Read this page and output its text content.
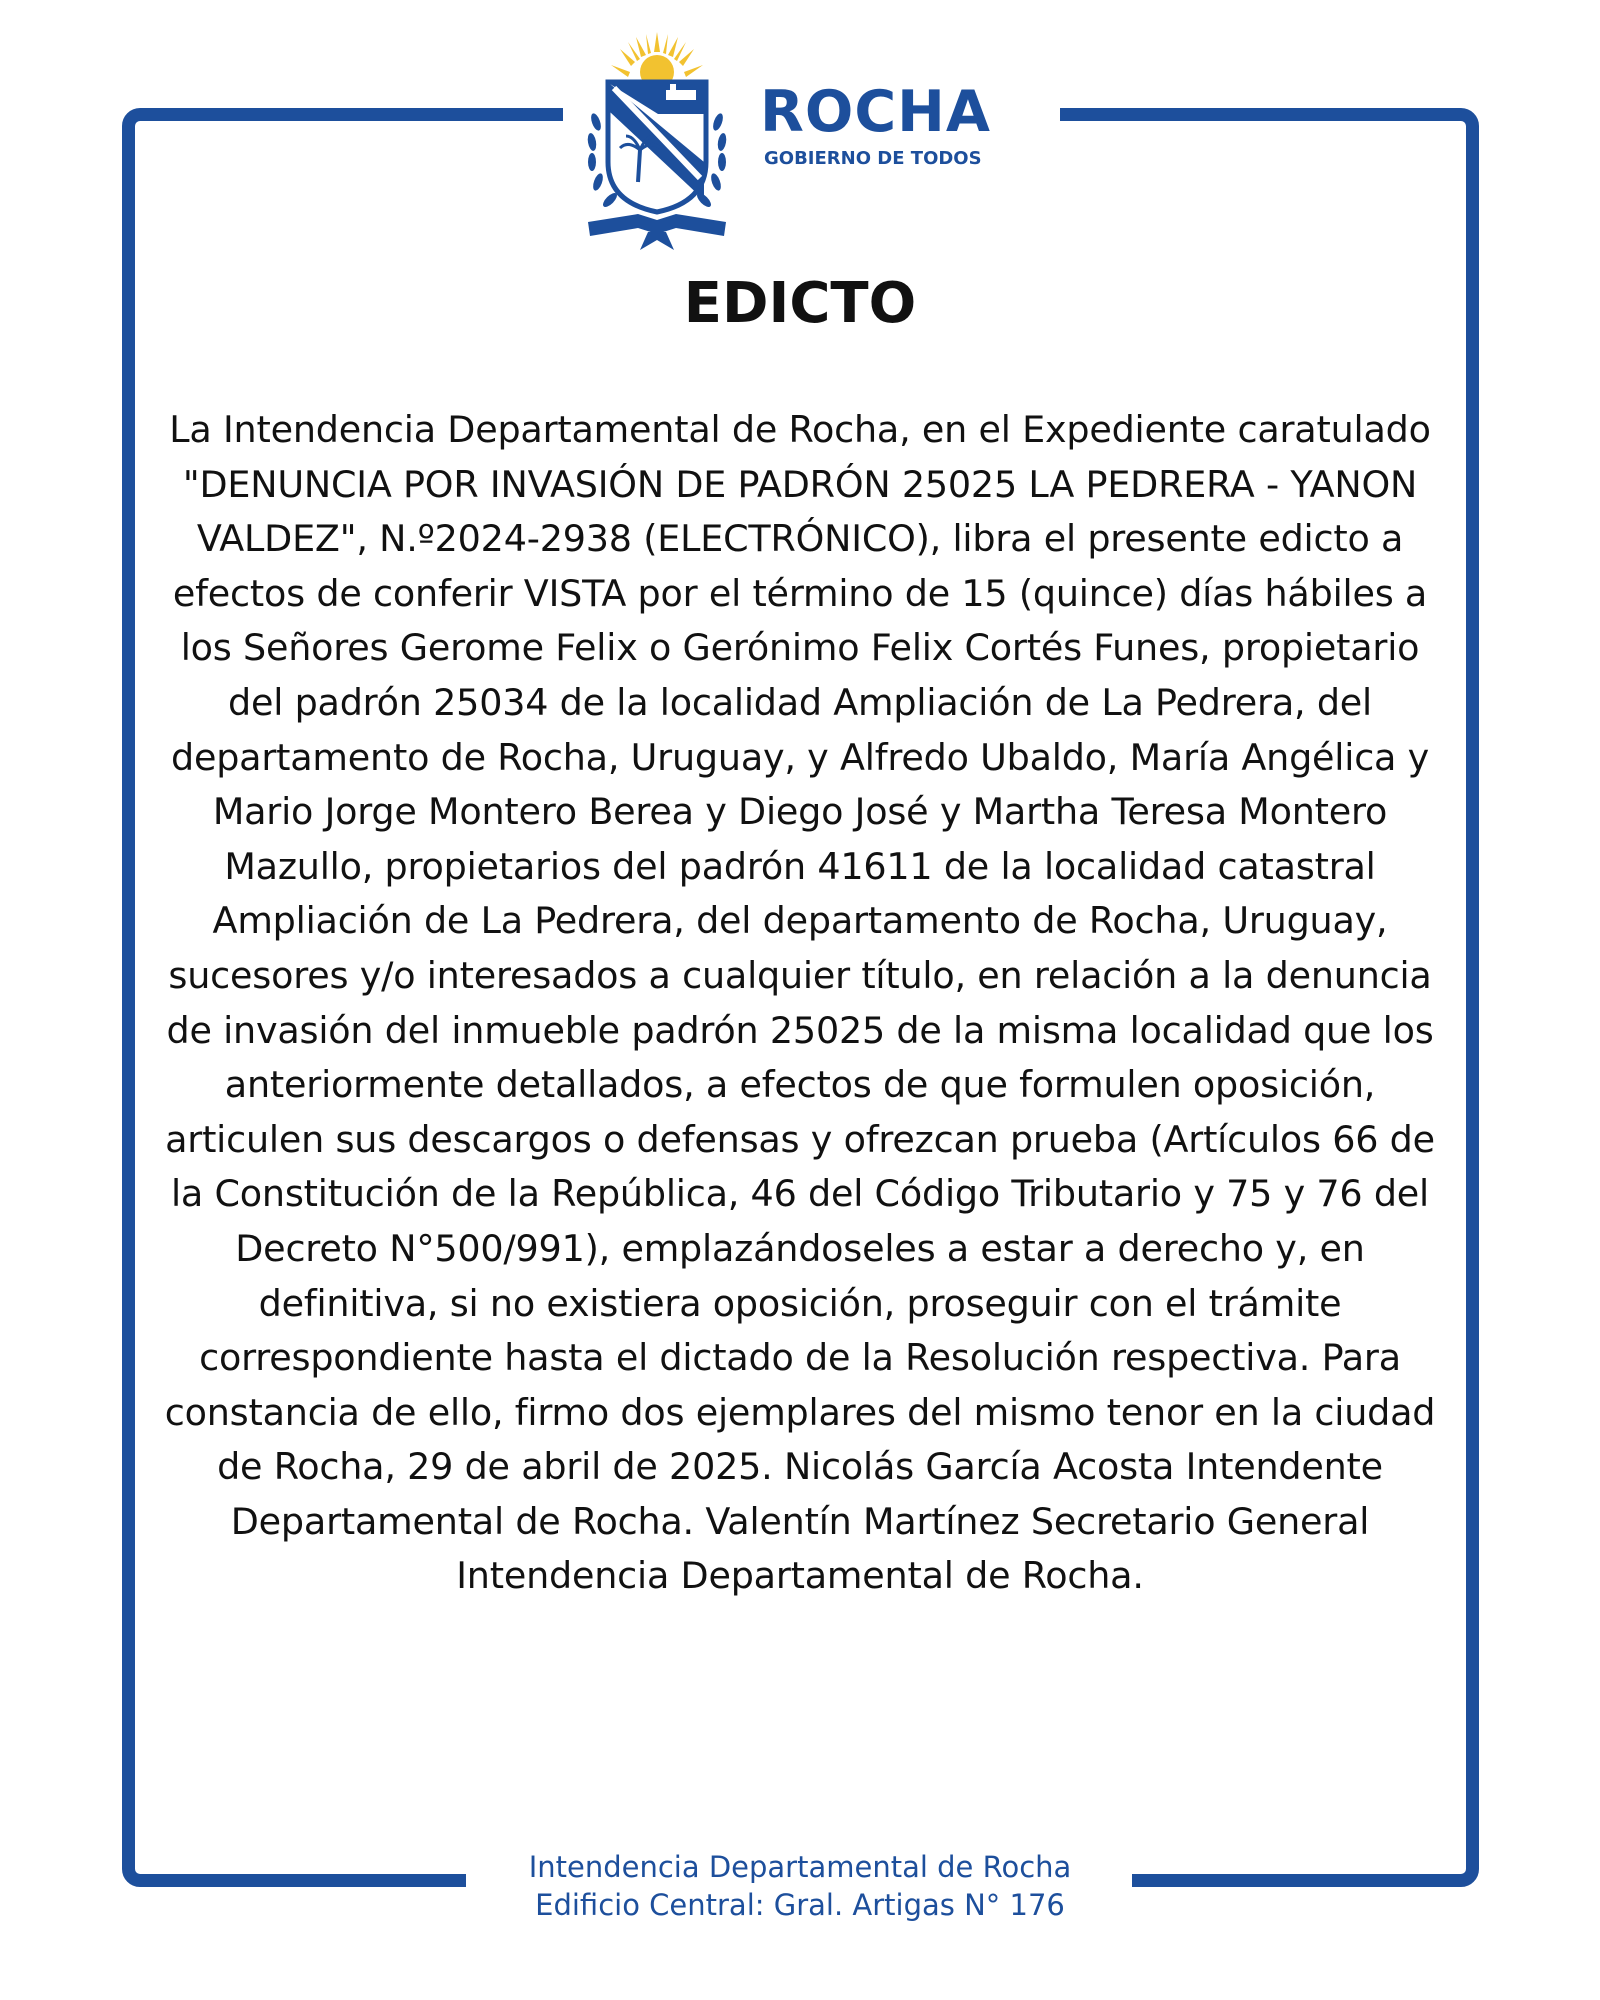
ROCHA
GOBIERNO DE TODOS
EDICTO

La Intendencia Departamental de Rocha, en el Expediente caratulado "DENUNCIA POR INVASIÓN DE PADRÓN 25025 LA PEDRERA - YANON VALDEZ", N.º2024-2938 (ELECTRÓNICO), libra el presente edicto a efectos de conferir VISTA por el término de 15 (quince) días hábiles a los Señores Gerome Felix o Gerónimo Felix Cortés Funes, propietario del padrón 25034 de la localidad Ampliación de La Pedrera, del departamento de Rocha, Uruguay, y Alfredo Ubaldo, María Angélica y Mario Jorge Montero Berea y Diego José y Martha Teresa Montero Mazullo, propietarios del padrón 41611 de la localidad catastral Ampliación de La Pedrera, del departamento de Rocha, Uruguay, sucesores y/o interesados a cualquier título, en relación a la denuncia de invasión del inmueble padrón 25025 de la misma localidad que los anteriormente detallados, a efectos de que formulen oposición, articulen sus descargos o defensas y ofrezcan prueba (Artículos 66 de la Constitución de la República, 46 del Código Tributario y 75 y 76 del Decreto N°500/991), emplazándoseles a estar a derecho y, en definitiva, si no existiera oposición, proseguir con el trámite correspondiente hasta el dictado de la Resolución respectiva. Para constancia de ello, firmo dos ejemplares del mismo tenor en la ciudad de Rocha, 29 de abril de 2025. Nicolás García Acosta Intendente Departamental de Rocha. Valentín Martínez Secretario General Intendencia Departamental de Rocha.

Intendencia Departamental de Rocha
Edificio Central: Gral. Artigas N° 176
